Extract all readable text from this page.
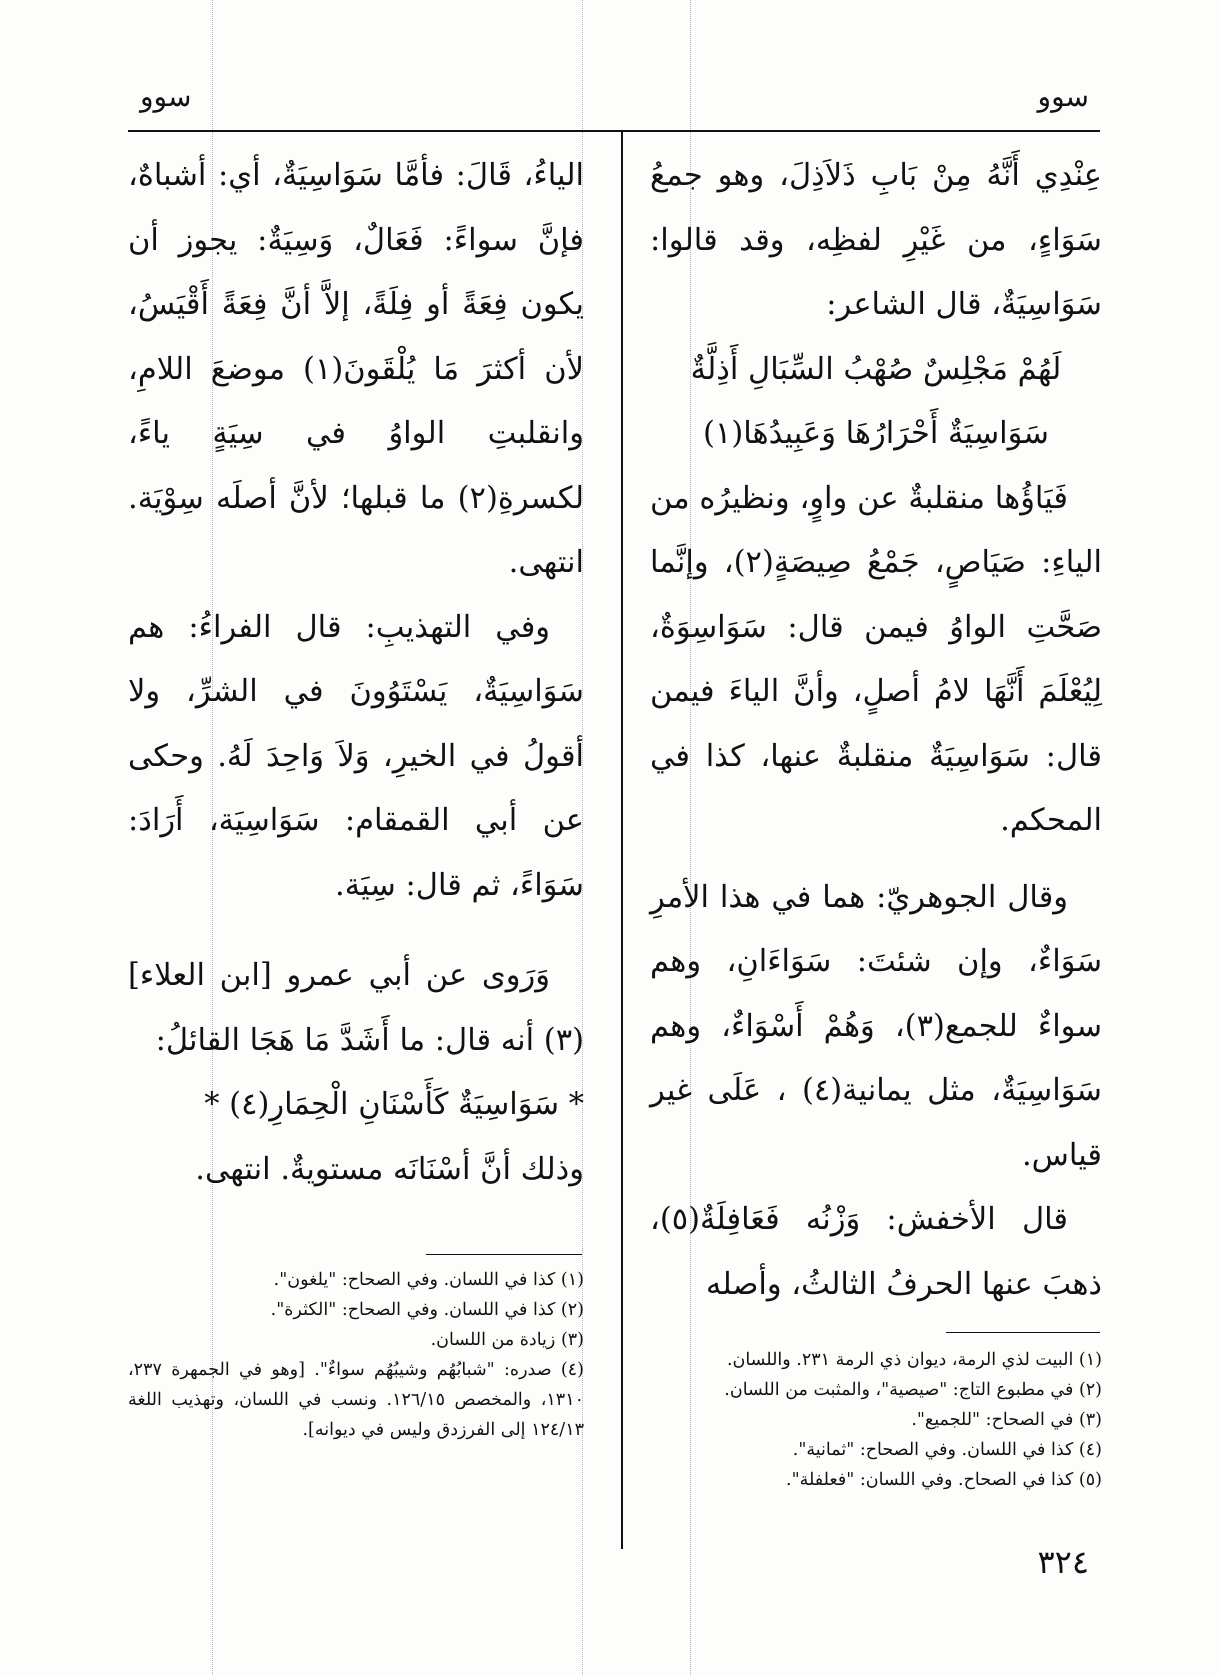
سوو
سوو

عِنْدِي أَنَّهُ مِنْ بَابِ ذَلاَذِلَ، وهو جمعُ سَوَاءٍ، من غَيْرِ لفظِه، وقد قالوا: سَوَاسِيَةٌ، قال الشاعر:

لَهُمْ مَجْلِسٌ صُهْبُ السِّبَالِ أَذِلَّةٌ

سَوَاسِيَةٌ أَحْرَارُهَا وَعَبِيدُهَا(١)

فَيَاؤُها منقلبةٌ عن واوٍ، ونظيرُه من الياءِ: صَيَاصٍ، جَمْعُ صِيصَةٍ(٢)، وإنَّما صَحَّتِ الواوُ فيمن قال: سَوَاسِوَةٌ، لِيُعْلَمَ أَنَّهَا لامُ أصلٍ، وأنَّ الياءَ فيمن قال: سَوَاسِيَةٌ منقلبةٌ عنها، كذا في المحكم.

وقال الجوهريّ: هما في هذا الأمرِ سَوَاءٌ، وإن شئتَ: سَوَاءَانِ، وهم سواءٌ للجمع(٣)، وَهُمْ أَسْوَاءٌ، وهم سَوَاسِيَةٌ، مثل يمانية(٤) ، عَلَى غير قياس.

قال الأخفش: وَزْنُه فَعَافِلَةٌ(٥)، ذهبَ عنها الحرفُ الثالثُ، وأصله

الياءُ، قَالَ: فأمَّا سَوَاسِيَةٌ، أي: أشباهٌ، فإنَّ سواءً: فَعَالٌ، وَسِيَةٌ: يجوز أن يكون فِعَةً أو فِلَةً، إلاَّ أنَّ فِعَةً أَقْيَسُ، لأن أكثرَ مَا يُلْقَونَ(١) موضعَ اللامِ، وانقلبتِ الواوُ في سِيَةٍ ياءً، لكسرةِ(٢) ما قبلها؛ لأنَّ أصلَه سِوْيَة. انتهى.

وفي التهذيبِ: قال الفراءُ: هم سَوَاسِيَةٌ، يَسْتَوُونَ في الشرِّ، ولا أقولُ في الخيرِ، وَلاَ وَاحِدَ لَهُ. وحكى عن أبي القمقام: سَوَاسِيَة، أَرَادَ: سَوَاءً، ثم قال: سِيَة.

وَرَوى عن أبي عمرو [ابن العلاء](٣) أنه قال: ما أَشَدَّ مَا هَجَا القائلُ:

* سَوَاسِيَةٌ كَأَسْنَانِ الْحِمَارِ(٤) *

وذلك أنَّ أسْنَانَه مستويةٌ. انتهى.

(١) البيت لذي الرمة، ديوان ذي الرمة ٢٣١. واللسان.

(٢) في مطبوع التاج: "صيصية"، والمثبت من اللسان.

(٣) في الصحاح: "للجميع".

(٤) كذا في اللسان. وفي الصحاح: "ثمانية".

(٥) كذا في الصحاح. وفي اللسان: "فعلفلة".

(١) كذا في اللسان. وفي الصحاح: "يلغون".

(٢) كذا في اللسان. وفي الصحاح: "الكثرة".

(٣) زيادة من اللسان.

(٤) صدره: "شبابُهُم وشيبُهُم سواءٌ". [وهو في الجمهرة ٢٣٧، ١٣١٠، والمخصص ١٢٦/١٥. ونسب في اللسان، وتهذيب اللغة ١٢٤/١٣ إلى الفرزدق وليس في ديوانه].

٣٢٤
